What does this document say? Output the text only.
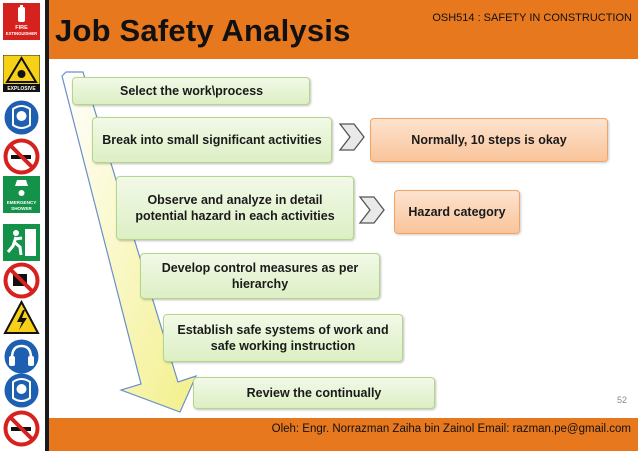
FIRE
EXTINGUISHER
EXPLOSIVE
EMERGENCY
SHOWER
Job Safety Analysis	OSH514 : SAFETY IN CONSTRUCTION
Select the work\process
Break into small significant activities	Normally, 10 steps is okay
Observe and analyze in detail potential hazard in each activities	Hazard category
Develop control measures as per hierarchy
Establish safe systems of work and safe working instruction
Review the continually	52
Oleh: Engr. Norrazman Zaiha bin Zainol Email: razman.pe@gmail.com
